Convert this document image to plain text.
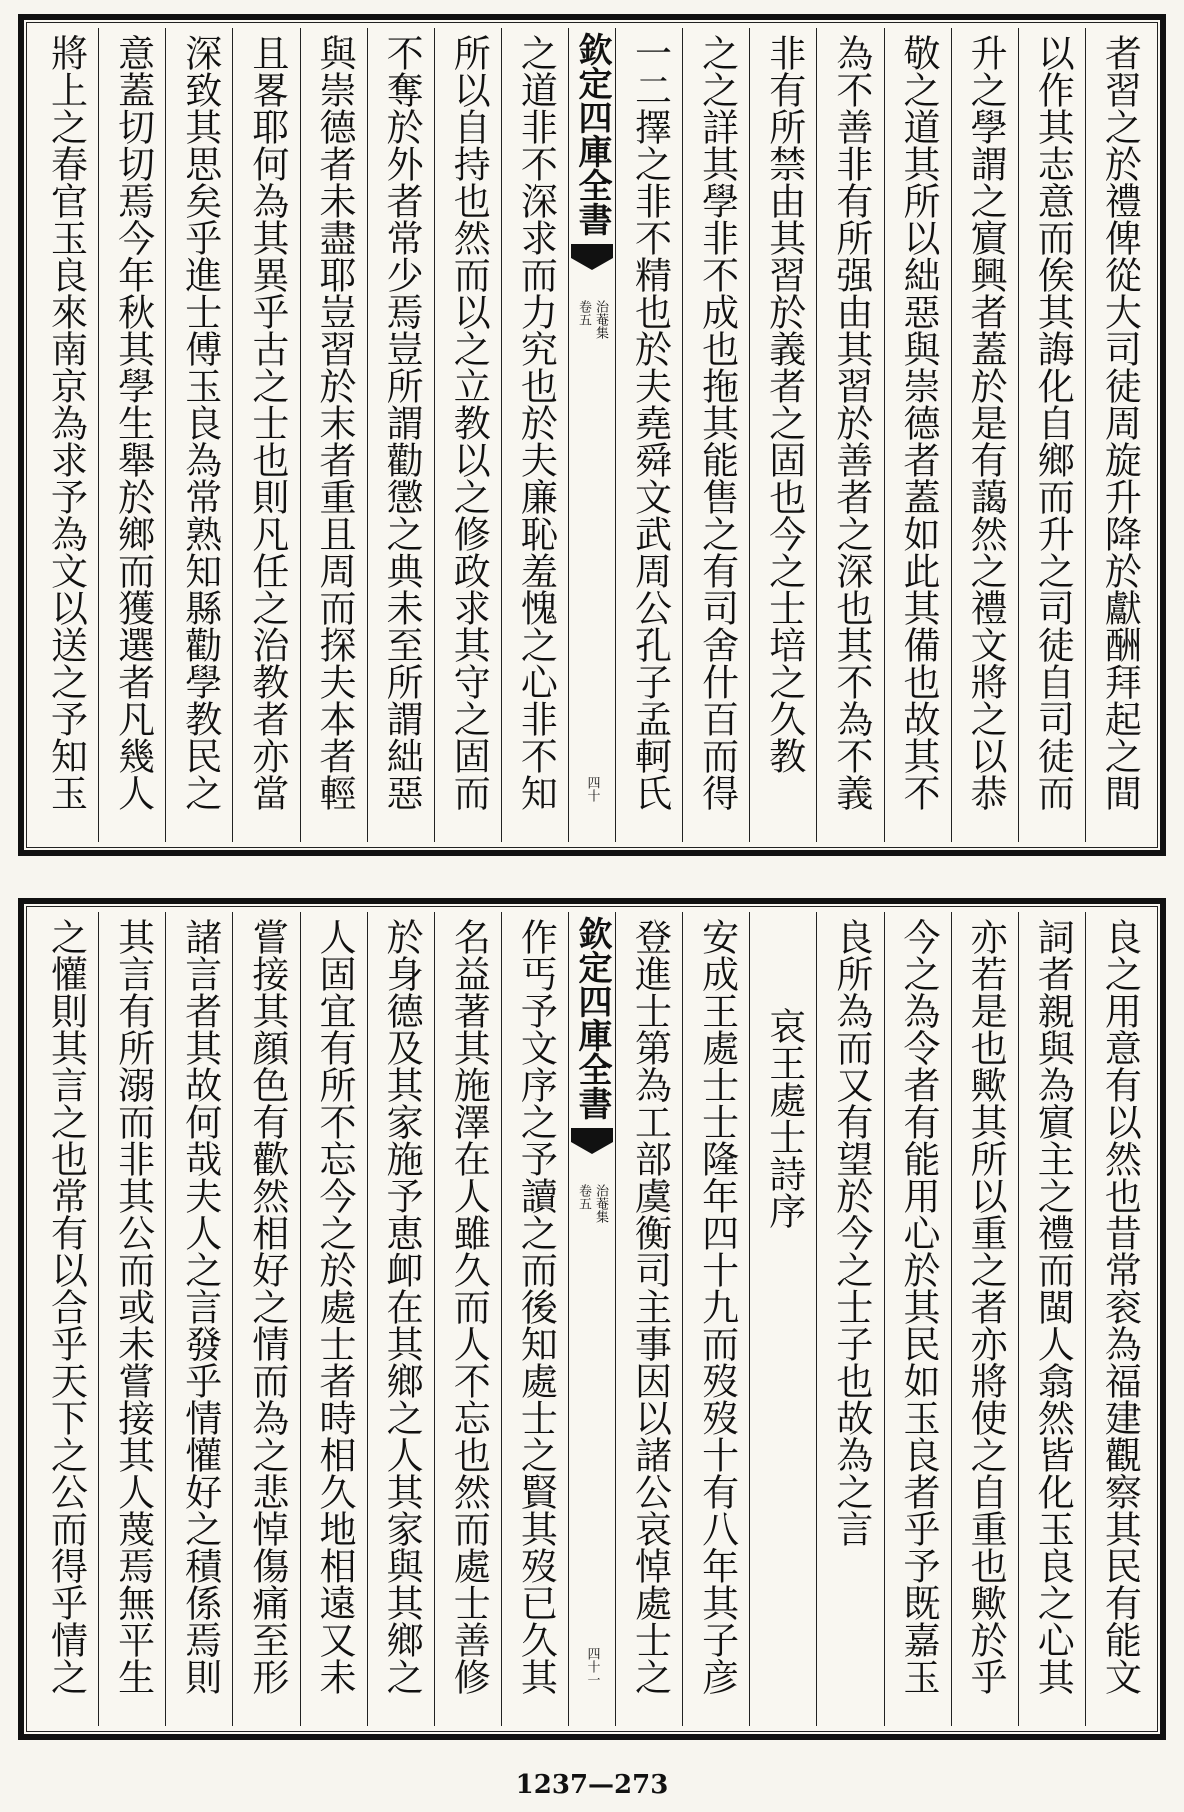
者習之於禮俾從大司徒周旋升降於獻酬拜起之間
以作其志意而俟其誨化自鄉而升之司徒自司徒而
升之學謂之賔興者蓋於是有藹然之禮文將之以恭
敬之道其所以絀惡與崇德者蓋如此其備也故其不
為不善非有所强由其習於善者之深也其不為不義
非有所禁由其習於義者之固也今之士培之久教
之之詳其學非不成也拖其能售之有司舍什百而得
一二擇之非不精也於夫堯舜文武周公孔子孟軻氏
欽定四庫全書
治菴集
卷五
四十
之道非不深求而力究也於夫廉恥羞愧之心非不知
所以自持也然而以之立教以之修政求其守之固而
不奪於外者常少焉豈所謂勸懲之典未至所謂絀惡
與崇德者未盡耶豈習於末者重且周而探夫本者輕
且畧耶何為其異乎古之士也則凡任之治教者亦當
深致其思矣乎進士傅玉良為常熟知縣勸學教民之
意蓋切切焉今年秋其學生舉於鄉而獲選者凡幾人
將上之春官玉良來南京為求予為文以送之予知玉
良之用意有以然也昔常衮為福建觀察其民有能文
詞者親與為賔主之禮而閩人翕然皆化玉良之心其
亦若是也歟其所以重之者亦將使之自重也歟於乎
今之為令者有能用心於其民如玉良者乎予既嘉玉
良所為而又有望於今之士子也故為之言
哀王處士詩序
安成王處士士隆年四十九而歿歿十有八年其子彦
登進士第為工部虞衡司主事因以諸公哀悼處士之
欽定四庫全書
治菴集
卷五
四十一
作丐予文序之予讀之而後知處士之賢其歿已久其
名益著其施澤在人雖久而人不忘也然而處士善修
於身德及其家施予恵卹在其鄉之人其家與其鄉之
人固宜有所不忘今之於處士者時相久地相遠又未
嘗接其顔色有歡然相好之情而為之悲悼傷痛至形
諸言者其故何哉夫人之言發乎情懽好之積係焉則
其言有所溺而非其公而或未嘗接其人蔑焉無平生
之懽則其言之也常有以合乎天下之公而得乎情之
1237—273
